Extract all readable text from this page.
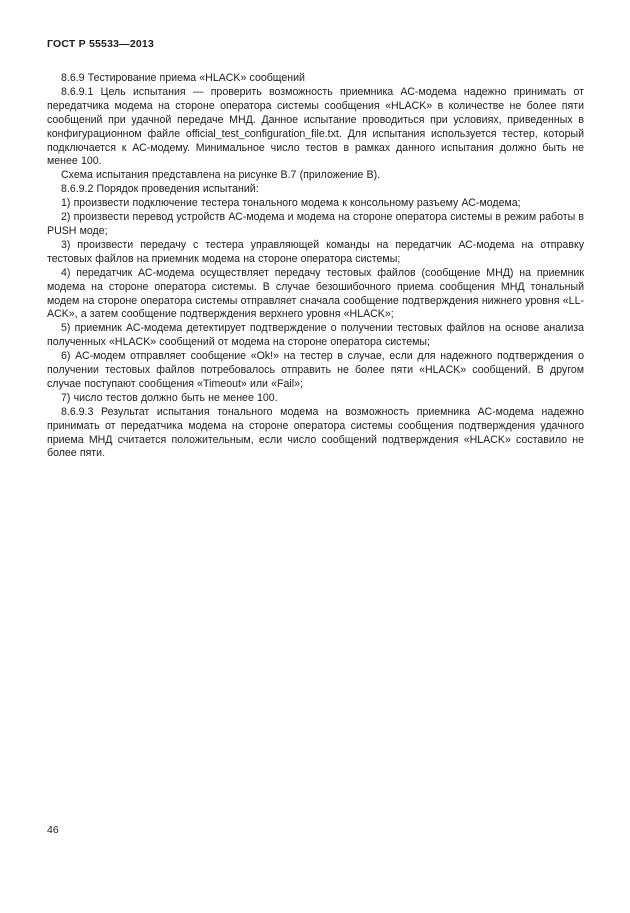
ГОСТ Р 55533—2013

8.6.9 Тестирование приема «HLACK» сообщений

8.6.9.1 Цель испытания — проверить возможность приемника АС-модема надежно принимать от передатчика модема на стороне оператора системы сообщения «HLACK» в количестве не более пяти сообщений при удачной передаче МНД. Данное испытание проводиться при условиях, приведенных в конфигурационном файле official_test_configuration_file.txt. Для испытания используется тестер, который подключается к АС-модему. Минимальное число тестов в рамках данного испытания должно быть не менее 100.

Схема испытания представлена на рисунке В.7 (приложение В).

8.6.9.2 Порядок проведения испытаний:

1) произвести подключение тестера тонального модема к консольному разъему АС-модема;

2) произвести перевод устройств АС-модема и модема на стороне оператора системы в режим работы в PUSH моде;

3) произвести передачу с тестера управляющей команды на передатчик АС-модема на отправку тестовых файлов на приемник модема на стороне оператора системы;

4) передатчик АС-модема осуществляет передачу тестовых файлов (сообщение МНД) на приемник модема на стороне оператора системы. В случае безошибочного приема сообщения МНД тональный модем на стороне оператора системы отправляет сначала сообщение подтверждения нижнего уровня «LL-ACK», а затем сообщение подтверждения верхнего уровня «HLACK»;

5) приемник АС-модема детектирует подтверждение о получении тестовых файлов на основе анализа полученных «HLACK» сообщений от модема на стороне оператора системы;

6) АС-модем отправляет сообщение «Ok!» на тестер в случае, если для надежного подтверждения о получении тестовых файлов потребовалось отправить не более пяти «HLACK» сообщений. В другом случае поступают сообщения «Timeout» или «Fail»;

7) число тестов должно быть не менее 100.

8.6.9.3 Результат испытания тонального модема на возможность приемника АС-модема надежно принимать от передатчика модема на стороне оператора системы сообщения подтверждения удачного приема МНД считается положительным, если число сообщений подтверждения «HLACK» составило не более пяти.

46
